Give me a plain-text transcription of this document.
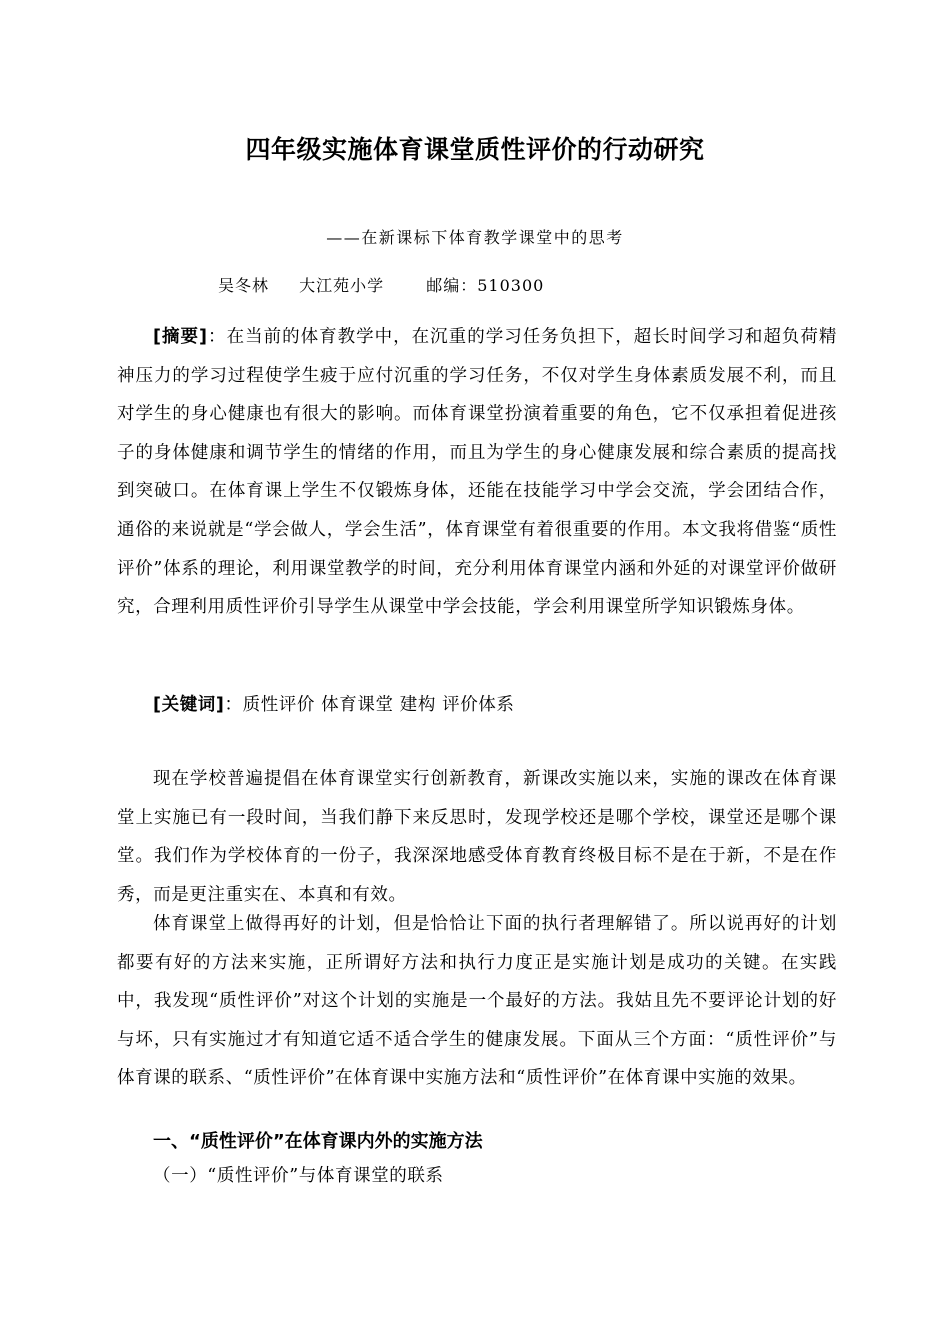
四年级实施体育课堂质性评价的行动研究
——在新课标下体育教学课堂中的思考
吴冬林 大江苑小学	邮编：510300
[摘要]：在当前的体育教学中，在沉重的学习任务负担下，超长时间学习和超负荷精神压力的学习过程使学生疲于应付沉重的学习任务，不仅对学生身体素质发展不利，而且对学生的身心健康也有很大的影响。而体育课堂扮演着重要的角色，它不仅承担着促进孩子的身体健康和调节学生的情绪的作用，而且为学生的身心健康发展和综合素质的提高找到突破口。在体育课上学生不仅锻炼身体，还能在技能学习中学会交流，学会团结合作，通俗的来说就是“学会做人，学会生活”，体育课堂有着很重要的作用。本文我将借鉴“质性评价”体系的理论，利用课堂教学的时间，充分利用体育课堂内涵和外延的对课堂评价做研究，合理利用质性评价引导学生从课堂中学会技能，学会利用课堂所学知识锻炼身体。
[关键词]：质性评价 体育课堂 建构 评价体系
现在学校普遍提倡在体育课堂实行创新教育，新课改实施以来，实施的课改在体育课堂上实施已有一段时间，当我们静下来反思时，发现学校还是哪个学校，课堂还是哪个课堂。我们作为学校体育的一份子，我深深地感受体育教育终极目标不是在于新，不是在作秀，而是更注重实在、本真和有效。
体育课堂上做得再好的计划，但是恰恰让下面的执行者理解错了。所以说再好的计划都要有好的方法来实施，正所谓好方法和执行力度正是实施计划是成功的关键。在实践中，我发现“质性评价”对这个计划的实施是一个最好的方法。我姑且先不要评论计划的好与坏，只有实施过才有知道它适不适合学生的健康发展。下面从三个方面：“质性评价”与体育课的联系、“质性评价”在体育课中实施方法和“质性评价”在体育课中实施的效果。
一、“质性评价”在体育课内外的实施方法
（一）“质性评价”与体育课堂的联系
